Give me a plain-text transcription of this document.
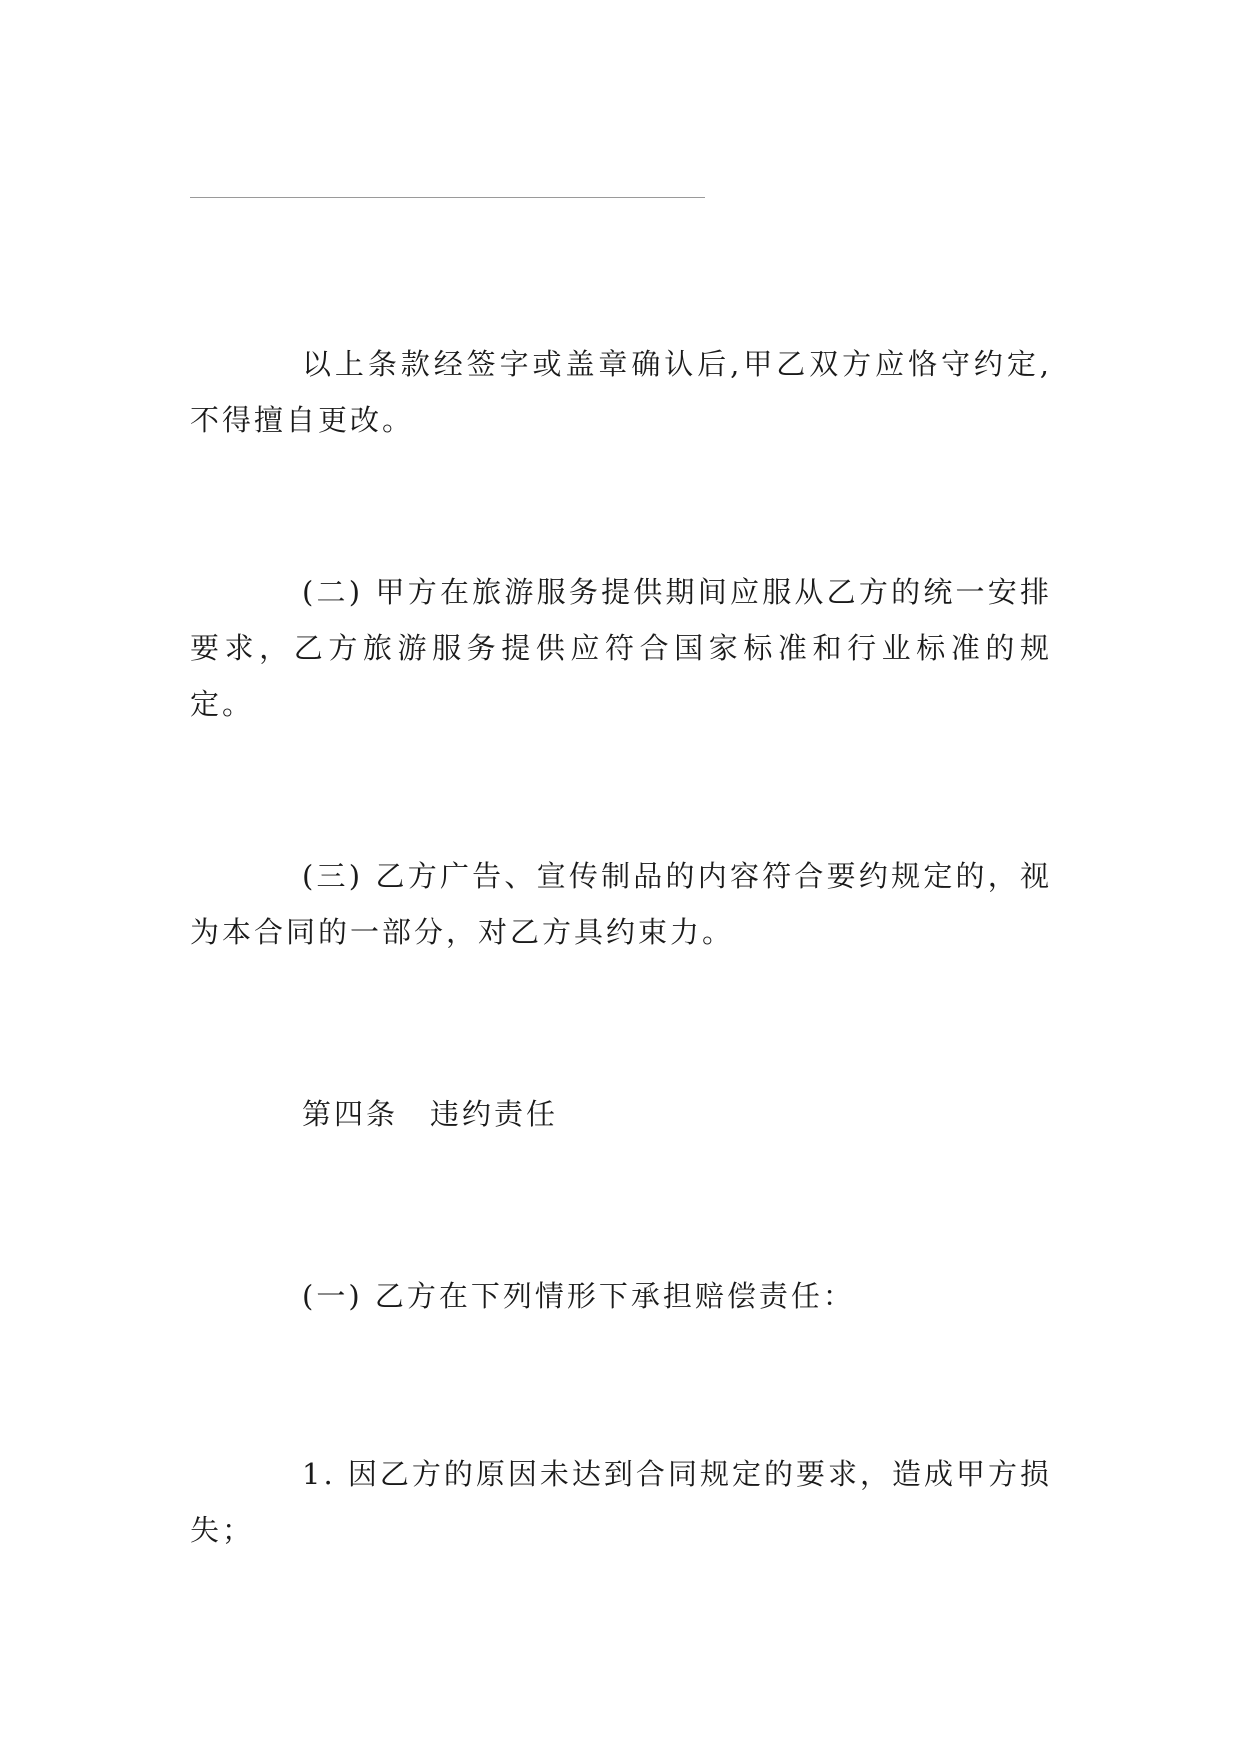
以上条款经签字或盖章确认后,甲乙双方应恪守约定,不得擅自更改。

(二) 甲方在旅游服务提供期间应服从乙方的统一安排要求，乙方旅游服务提供应符合国家标准和行业标准的规定。

(三) 乙方广告、宣传制品的内容符合要约规定的，视为本合同的一部分，对乙方具约束力。

第四条　违约责任

(一) 乙方在下列情形下承担赔偿责任：

1. 因乙方的原因未达到合同规定的要求，造成甲方损失；
